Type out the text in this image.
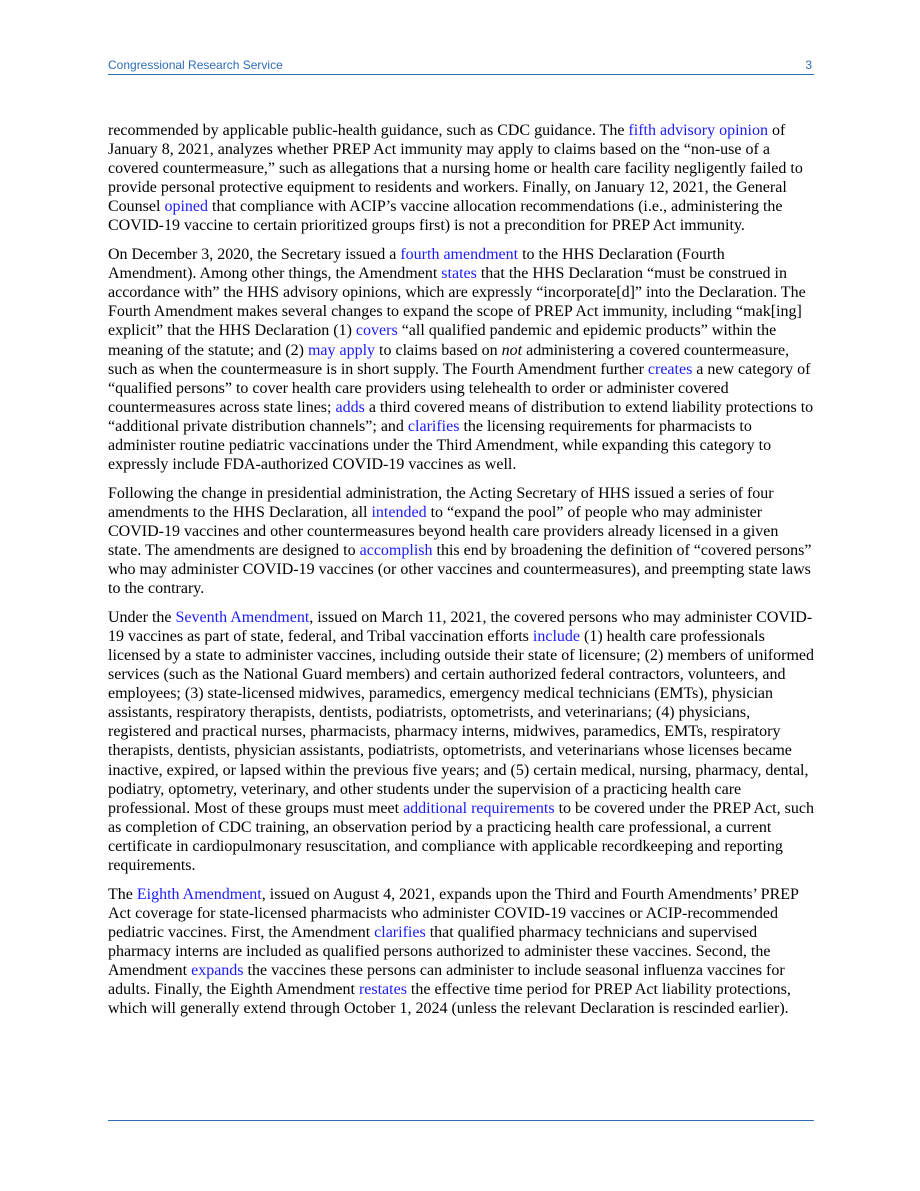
Congressional Research Service	3

recommended by applicable public-health guidance, such as CDC guidance. The fifth advisory opinion of January 8, 2021, analyzes whether PREP Act immunity may apply to claims based on the “non-use of a covered countermeasure,” such as allegations that a nursing home or health care facility negligently failed to provide personal protective equipment to residents and workers. Finally, on January 12, 2021, the General Counsel opined that compliance with ACIP’s vaccine allocation recommendations (i.e., administering the COVID-19 vaccine to certain prioritized groups first) is not a precondition for PREP Act immunity.

On December 3, 2020, the Secretary issued a fourth amendment to the HHS Declaration (Fourth Amendment). Among other things, the Amendment states that the HHS Declaration “must be construed in accordance with” the HHS advisory opinions, which are expressly “incorporate[d]” into the Declaration. The Fourth Amendment makes several changes to expand the scope of PREP Act immunity, including “mak[ing] explicit” that the HHS Declaration (1) covers “all qualified pandemic and epidemic products” within the meaning of the statute; and (2) may apply to claims based on not administering a covered countermeasure, such as when the countermeasure is in short supply. The Fourth Amendment further creates a new category of “qualified persons” to cover health care providers using telehealth to order or administer covered countermeasures across state lines; adds a third covered means of distribution to extend liability protections to “additional private distribution channels”; and clarifies the licensing requirements for pharmacists to administer routine pediatric vaccinations under the Third Amendment, while expanding this category to expressly include FDA-authorized COVID-19 vaccines as well.

Following the change in presidential administration, the Acting Secretary of HHS issued a series of four amendments to the HHS Declaration, all intended to “expand the pool” of people who may administer COVID-19 vaccines and other countermeasures beyond health care providers already licensed in a given state. The amendments are designed to accomplish this end by broadening the definition of “covered persons” who may administer COVID-19 vaccines (or other vaccines and countermeasures), and preempting state laws to the contrary.

Under the Seventh Amendment, issued on March 11, 2021, the covered persons who may administer COVID-19 vaccines as part of state, federal, and Tribal vaccination efforts include (1) health care professionals licensed by a state to administer vaccines, including outside their state of licensure; (2) members of uniformed services (such as the National Guard members) and certain authorized federal contractors, volunteers, and employees; (3) state-licensed midwives, paramedics, emergency medical technicians (EMTs), physician assistants, respiratory therapists, dentists, podiatrists, optometrists, and veterinarians; (4) physicians, registered and practical nurses, pharmacists, pharmacy interns, midwives, paramedics, EMTs, respiratory therapists, dentists, physician assistants, podiatrists, optometrists, and veterinarians whose licenses became inactive, expired, or lapsed within the previous five years; and (5) certain medical, nursing, pharmacy, dental, podiatry, optometry, veterinary, and other students under the supervision of a practicing health care professional. Most of these groups must meet additional requirements to be covered under the PREP Act, such as completion of CDC training, an observation period by a practicing health care professional, a current certificate in cardiopulmonary resuscitation, and compliance with applicable recordkeeping and reporting requirements.

The Eighth Amendment, issued on August 4, 2021, expands upon the Third and Fourth Amendments’ PREP Act coverage for state-licensed pharmacists who administer COVID-19 vaccines or ACIP-recommended pediatric vaccines. First, the Amendment clarifies that qualified pharmacy technicians and supervised pharmacy interns are included as qualified persons authorized to administer these vaccines. Second, the Amendment expands the vaccines these persons can administer to include seasonal influenza vaccines for adults. Finally, the Eighth Amendment restates the effective time period for PREP Act liability protections, which will generally extend through October 1, 2024 (unless the relevant Declaration is rescinded earlier).
